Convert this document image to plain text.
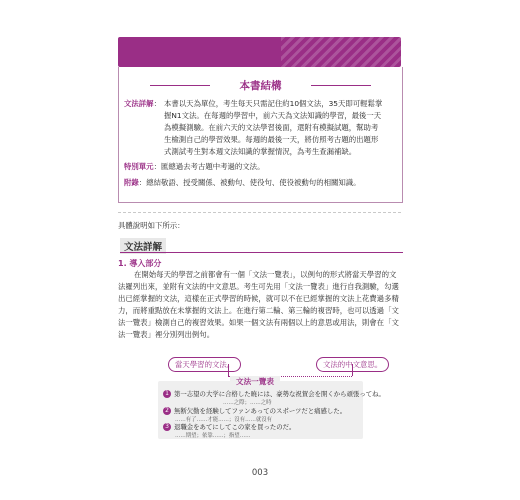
どくしゃへ ❯ 致讀者
本書結構
文法詳解： 本書以天為單位，考生每天只需記住約10個文法，35天即可輕鬆掌
握N1文法。在每週的學習中，前六天為文法知識的學習，最後一天
為模擬測驗。在前六天的文法學習後面，還附有模擬試題，幫助考
生檢測自己的學習效果。每週的最後一天，將仿照考古題的出題形
式測試考生對本週文法知識的掌握情況，為考生查漏補缺。
特別單元：匯總過去考古題中考過的文法。
附錄：總結敬語、授受關係、被動句、使役句、使役被動句的相關知識。
具體說明如下所示：
文法詳解
1. 導入部分
在開始每天的學習之前都會有一個「文法一覽表」，以例句的形式將當天學習的文法羅列出來，並附有文法的中文意思。考生可先用「文法一覽表」進行自我測驗，勾選出已經掌握的文法，這樣在正式學習的時候，就可以不在已經掌握的文法上花費過多精力，而將重點放在未掌握的文法上。在進行第二輪、第三輪的複習時，也可以透過「文法一覽表」檢測自己的複習效果。如果一個文法有兩個以上的意思或用法，則會在「文法一覽表」裡分別列出例句。
當天學習的文法。	文法的中文意思。
文法一覽表
1 第一志望の大学に合格した暁には、豪勢な祝賀会を開くから頑張ってね。
……之際；……之時
2 無断欠勤を経験してファンあってのスポーツだと痛感した。
……有了……才能……；沒有……就沒有
3 退職金をあてにしてこの家を買ったのだ。
……期望；依靠……；指望……
003
